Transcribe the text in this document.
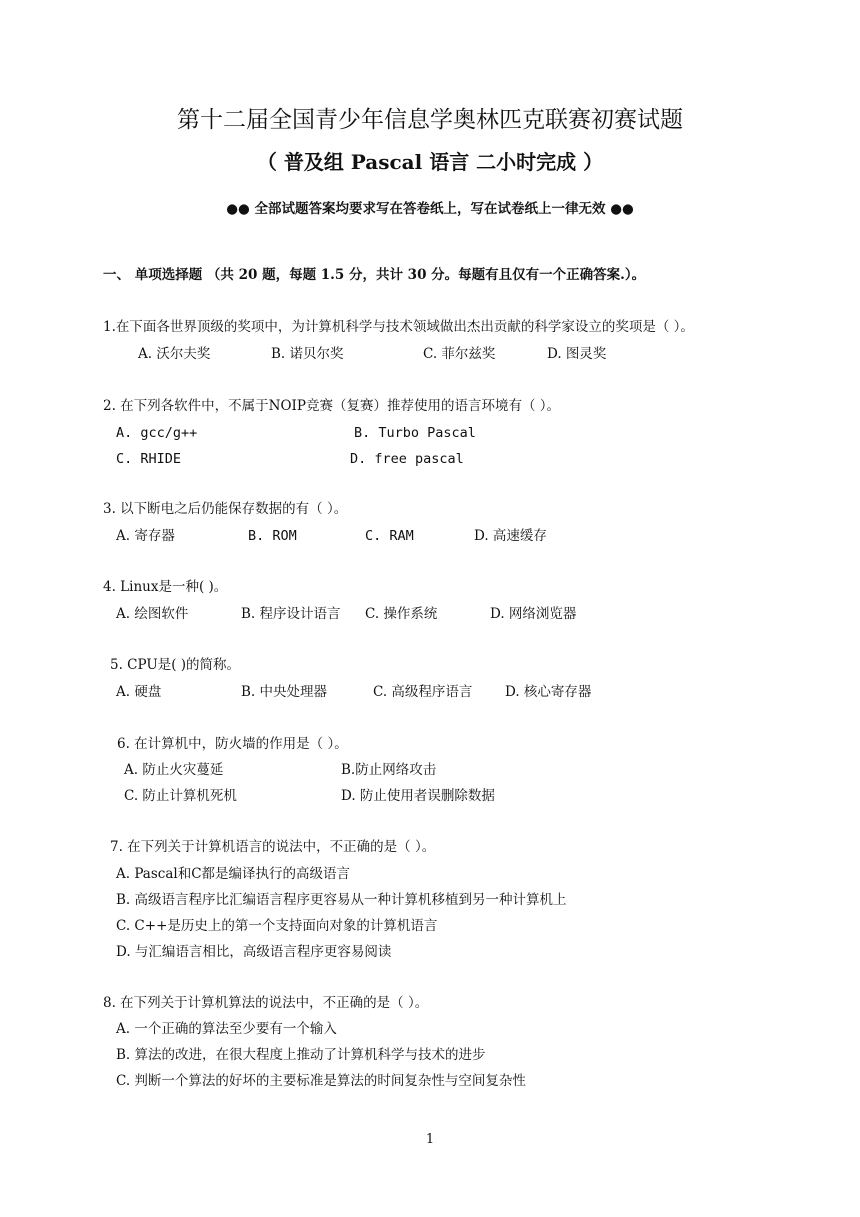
第十二届全国青少年信息学奥林匹克联赛初赛试题
（ 普及组 Pascal 语言 二小时完成 ）
●● 全部试题答案均要求写在答卷纸上，写在试卷纸上一律无效 ●●
一、 单项选择题 （共 20 题，每题 1.5 分，共计 30 分。每题有且仅有一个正确答案.）。
1.在下面各世界顶级的奖项中，为计算机科学与技术领域做出杰出贡献的科学家设立的奖项是（ ）。
A. 沃尔夫奖	B. 诺贝尔奖	C. 菲尔兹奖	D. 图灵奖
2. 在下列各软件中，不属于NOIP竞赛（复赛）推荐使用的语言环境有（ ）。
A. gcc/g++	B. Turbo Pascal
C. RHIDE	D. free pascal
3. 以下断电之后仍能保存数据的有（ ）。
A. 寄存器	B. ROM	C. RAM	D. 高速缓存
4. Linux是一种( )。
A. 绘图软件	B. 程序设计语言 C. 操作系统	D. 网络浏览器
5. CPU是( )的简称。
A. 硬盘	B. 中央处理器	C. 高级程序语言 D. 核心寄存器
6. 在计算机中，防火墙的作用是（ ）。
A. 防止火灾蔓延	B.防止网络攻击
C. 防止计算机死机	D. 防止使用者误删除数据
7. 在下列关于计算机语言的说法中，不正确的是（ ）。
A. Pascal和C都是编译执行的高级语言
B. 高级语言程序比汇编语言程序更容易从一种计算机移植到另一种计算机上
C. C++是历史上的第一个支持面向对象的计算机语言
D. 与汇编语言相比，高级语言程序更容易阅读
8. 在下列关于计算机算法的说法中，不正确的是（ ）。
A. 一个正确的算法至少要有一个输入
B. 算法的改进，在很大程度上推动了计算机科学与技术的进步
C. 判断一个算法的好坏的主要标准是算法的时间复杂性与空间复杂性
1
